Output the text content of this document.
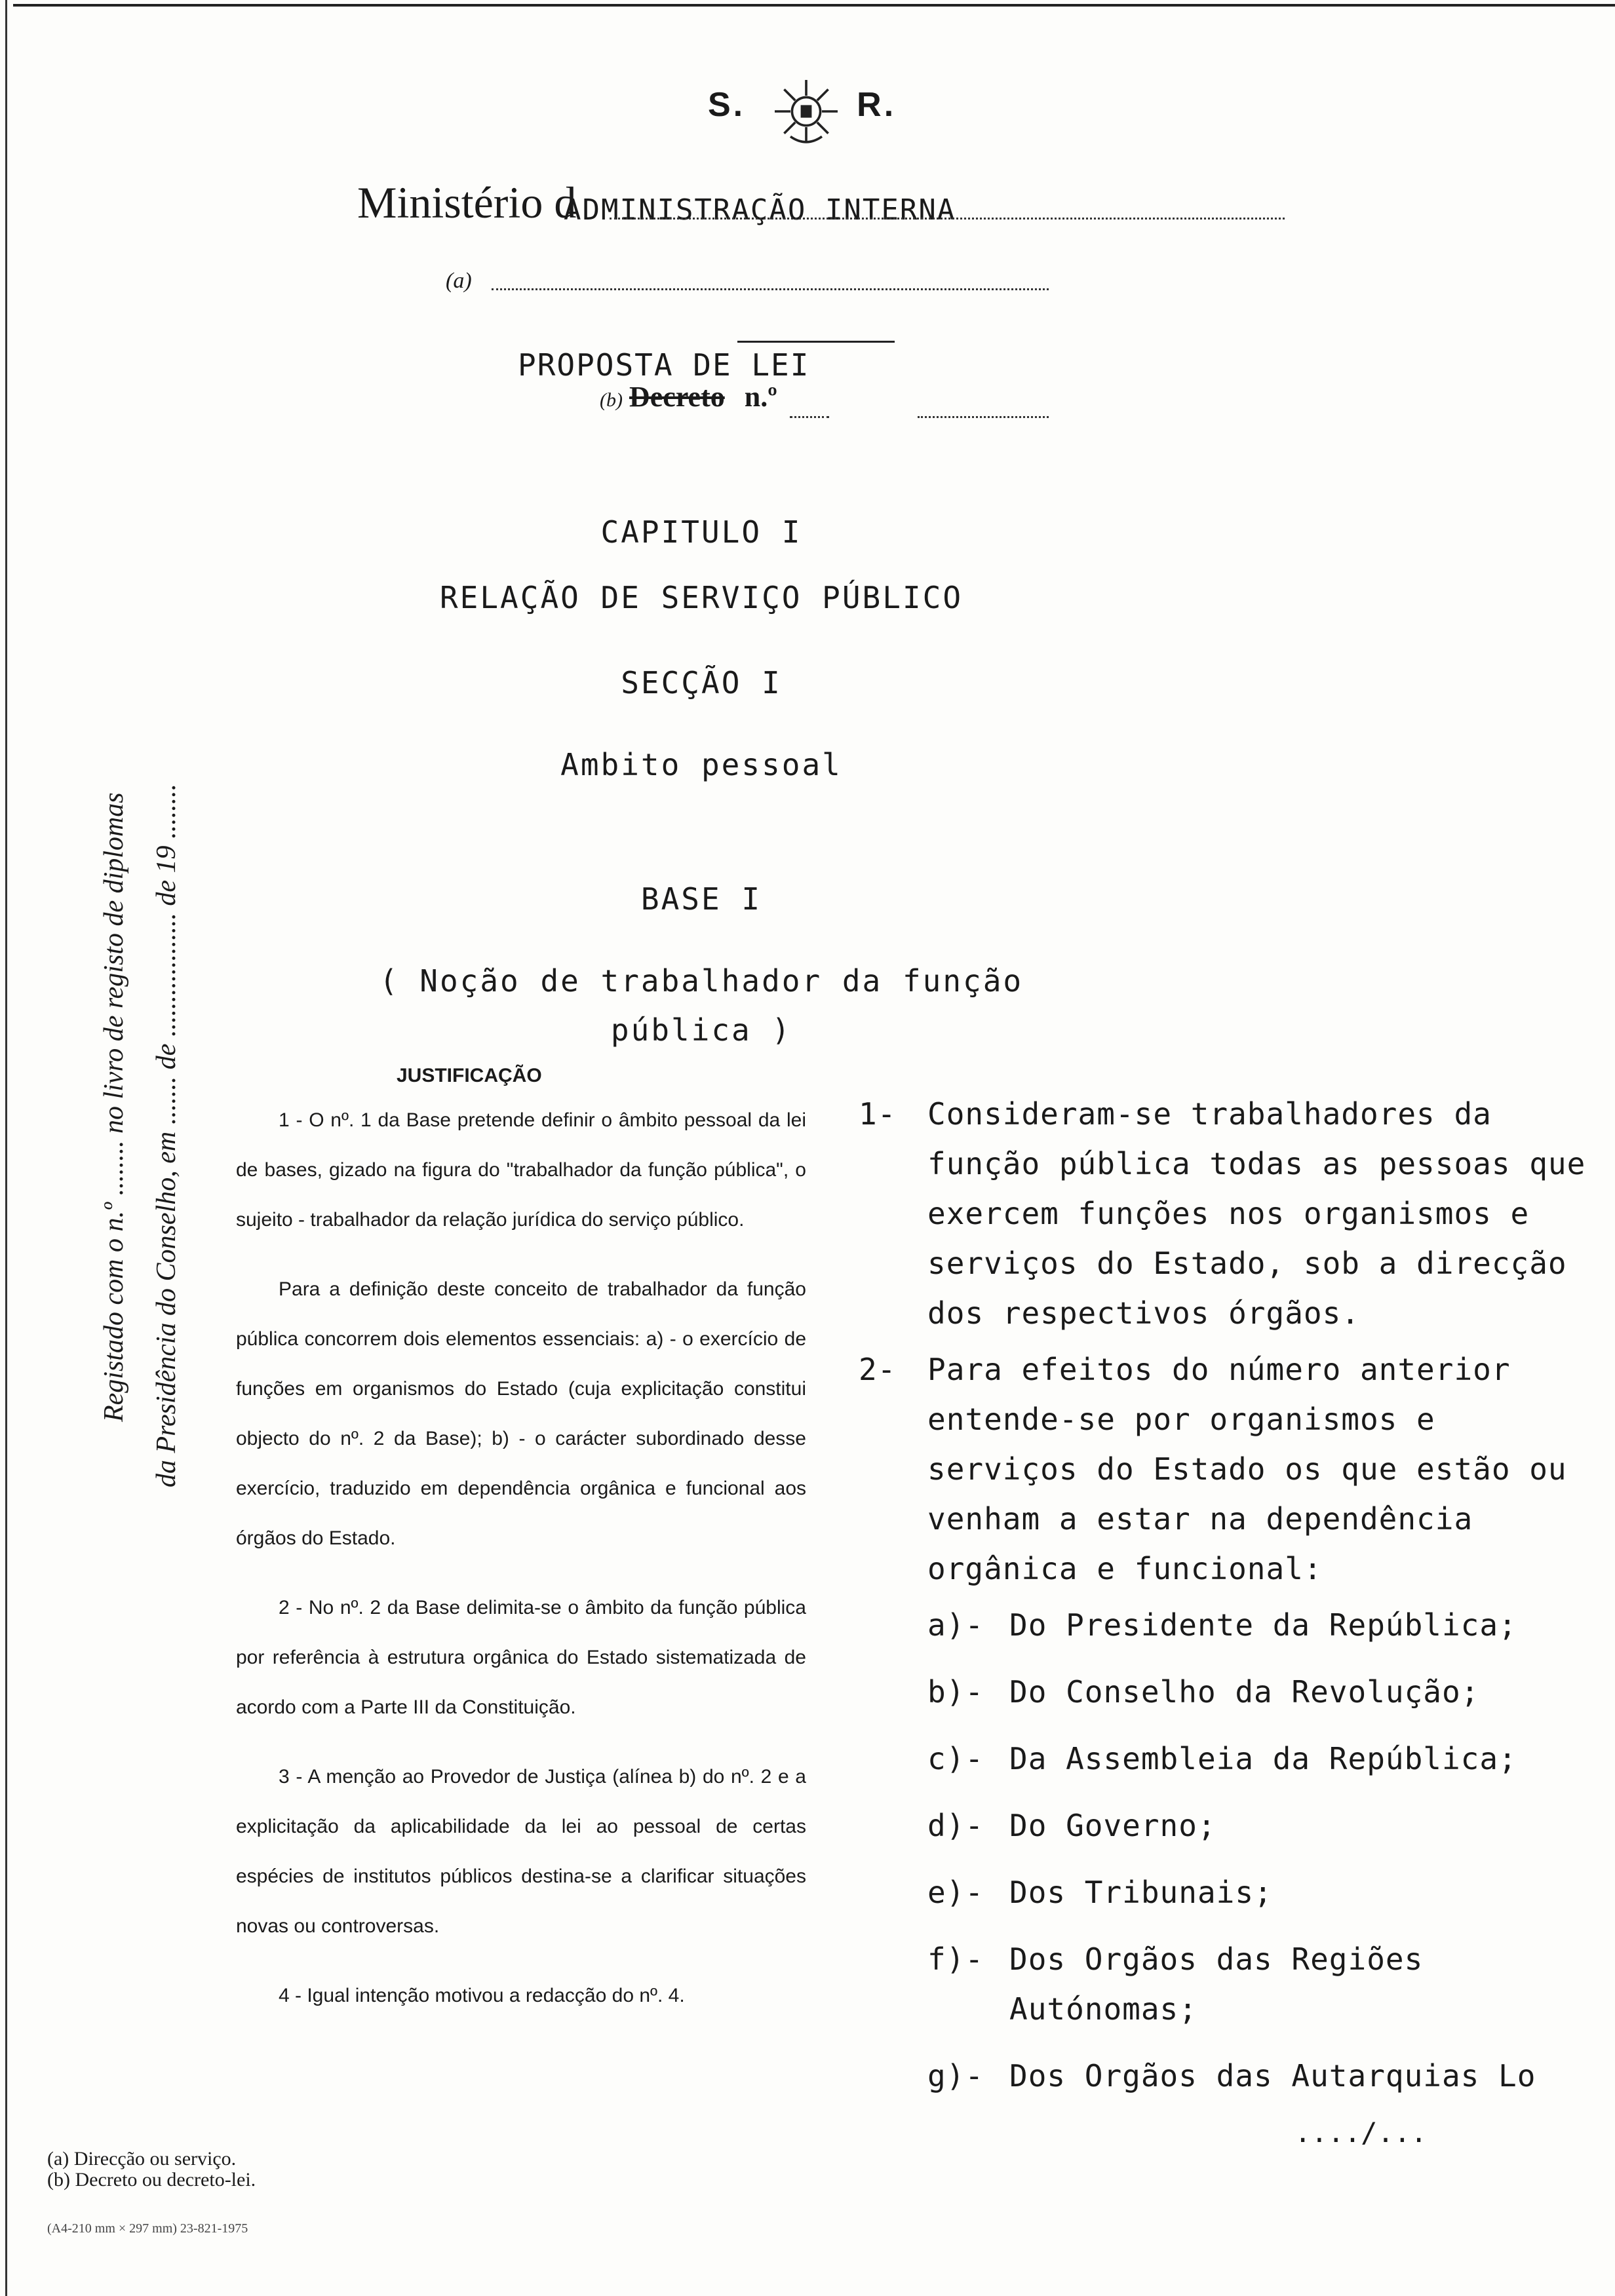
S.	R.
Ministério d
ADMINISTRAÇÃO INTERNA
(a)
PROPOSTA DE LEI
(b) Decreto n.º
CAPITULO I
RELAÇÃO DE SERVIÇO PÚBLICO
SECÇÃO I
Ambito pessoal
BASE I
( Noção de trabalhador da função
pública )
Registado com o n.º ........ no livro de registo de diplomas da Presidência do Conselho, em ....... de .................. de 19 ........	JUSTIFICAÇÃO

1 - O nº. 1 da Base pretende definir o âmbito pessoal da lei de bases, gizado na figura do "trabalhador da função pública", o sujeito - trabalhador da relação jurídica do serviço público.

Para a definição deste conceito de trabalhador da função pública concorrem dois elementos essenciais: a) - o exercício de funções em organismos do Estado (cuja explicitação constitui objecto do nº. 2 da Base); b) - o carácter subordinado desse exercício, traduzido em dependência orgânica e funcional aos órgãos do Estado.

2 - No nº. 2 da Base delimita-se o âmbito da função pública por referência à estrutura orgânica do Estado sistematizada de acordo com a Parte III da Constituição.

3 - A menção ao Provedor de Justiça (alínea b) do nº. 2 e a explicitação da aplicabilidade da lei ao pessoal de certas espécies de institutos públicos destina-se a clarificar situações novas ou controversas.

4 - Igual intenção motivou a redacção do nº. 4.

1- Consideram-se trabalhadores da função pública todas as pessoas que exercem funções nos organismos e serviços do Estado, sob a direcção dos respectivos órgãos.
2- Para efeitos do número anterior entende-se por organismos e serviços do Estado os que estão ou venham a estar na dependência orgânica e funcional:
a)- Do Presidente da República;
b)- Do Conselho da Revolução;
c)- Da Assembleia da República;
d)- Do Governo;
e)- Dos Tribunais;
f)- Dos Orgãos das Regiões Autónomas;
g)- Dos Orgãos das Autarquias Lo
..../...
(a) Direcção ou serviço.
(b) Decreto ou decreto-lei.
(A4-210 mm × 297 mm) 23-821-1975
